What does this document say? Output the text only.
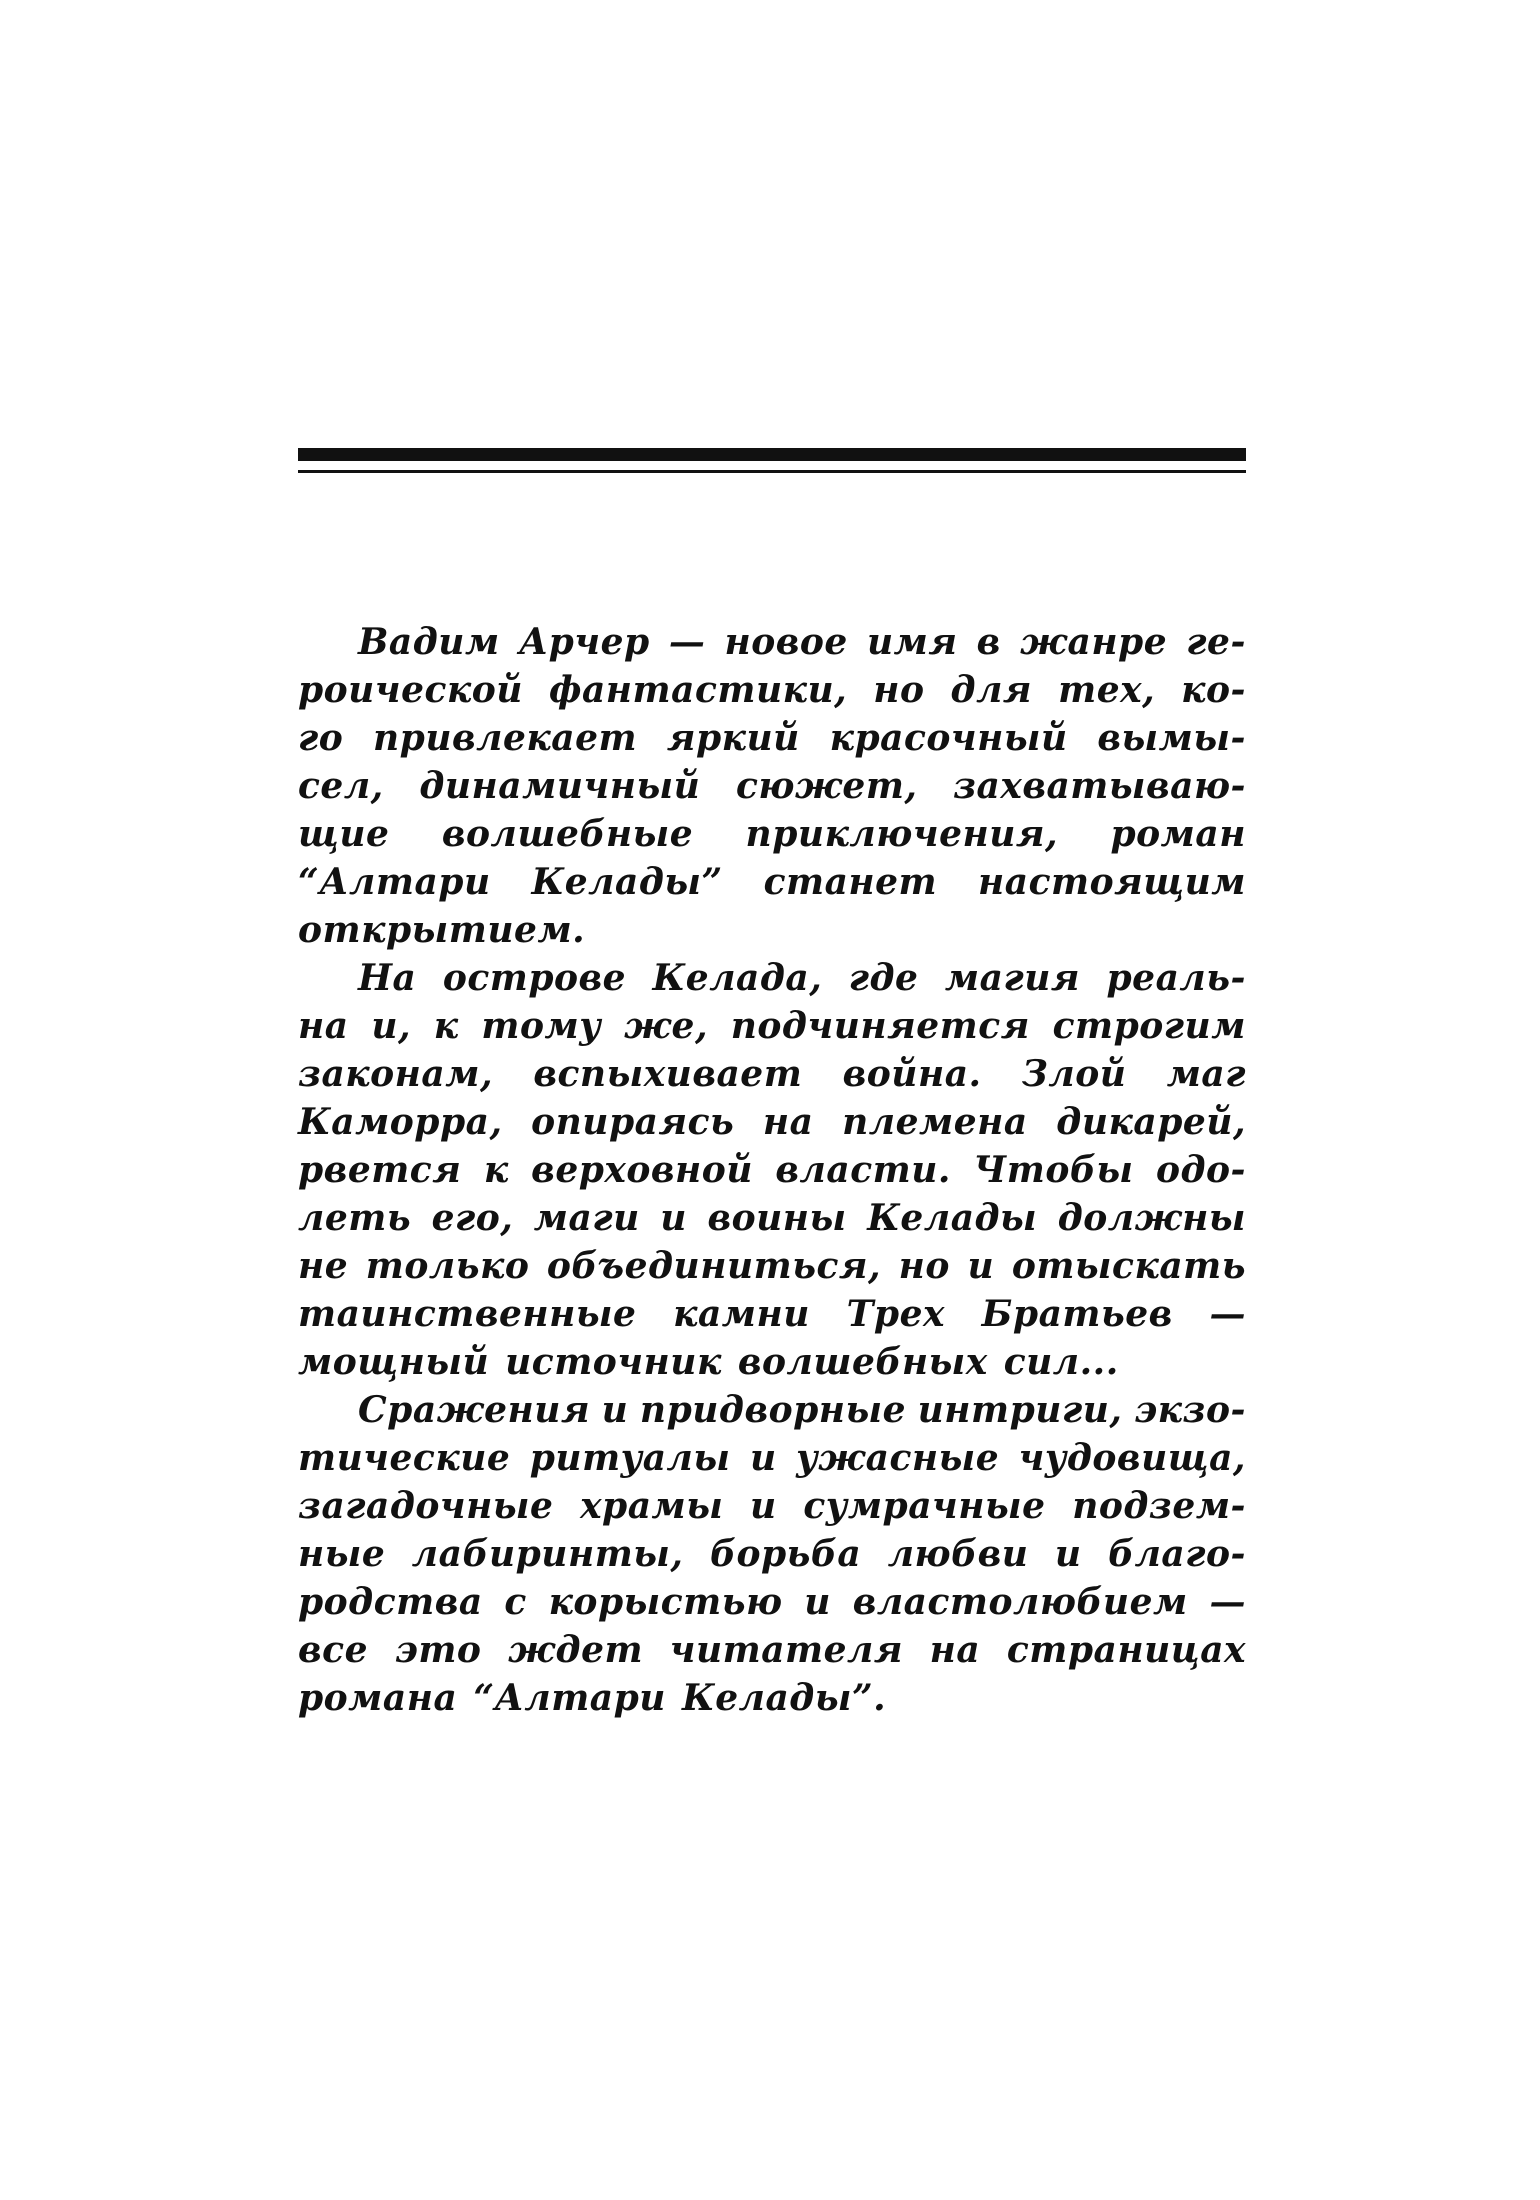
Вадим Арчер — новое имя в жанре ге-
роической фантастики, но для тех, ко-
го привлекает яркий красочный вымы-
сел, динамичный сюжет, захватываю-
щие волшебные приключения, роман
“Алтари Келады” станет настоящим
открытием.
На острове Келада, где магия реаль-
на и, к тому же, подчиняется строгим
законам, вспыхивает война. Злой маг
Каморра, опираясь на племена дикарей,
рвется к верховной власти. Чтобы одо-
леть его, маги и воины Келады должны
не только объединиться, но и отыскать
таинственные камни Трех Братьев —
мощный источник волшебных сил...
Сражения и придворные интриги, экзо-
тические ритуалы и ужасные чудовища,
загадочные храмы и сумрачные подзем-
ные лабиринты, борьба любви и благо-
родства с корыстью и властолюбием —
все это ждет читателя на страницах
романа “Алтари Келады”.
